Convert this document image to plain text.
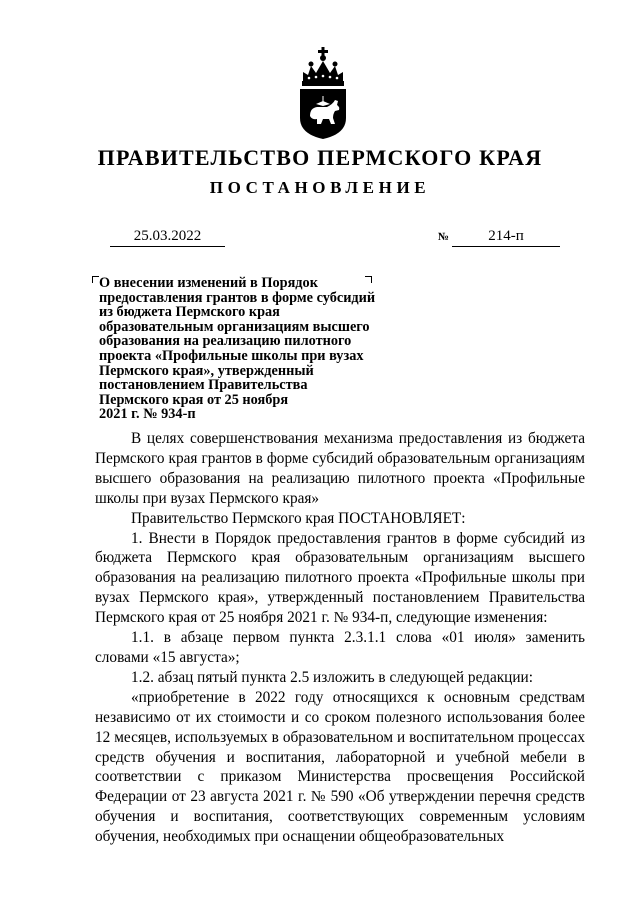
ПРАВИТЕЛЬСТВО ПЕРМСКОГО КРАЯ
ПОСТАНОВЛЕНИЕ
25.03.2022	№	214-п
О внесении изменений в Порядок
предоставления грантов в форме субсидий
из бюджета Пермского края
образовательным организациям высшего
образования на реализацию пилотного
проекта «Профильные школы при вузах
Пермского края», утвержденный
постановлением Правительства
Пермского края от 25 ноября
2021 г. № 934-п

В целях совершенствования механизма предоставления из бюджета Пермского края грантов в форме субсидий образовательным организациям высшего образования на реализацию пилотного проекта «Профильные школы при вузах Пермского края»

Правительство Пермского края ПОСТАНОВЛЯЕТ:

1. Внести в Порядок предоставления грантов в форме субсидий из бюджета Пермского края образовательным организациям высшего образования на реализацию пилотного проекта «Профильные школы при вузах Пермского края», утвержденный постановлением Правительства Пермского края от 25 ноября 2021 г. № 934-п, следующие изменения:

1.1. в абзаце первом пункта 2.3.1.1 слова «01 июля» заменить словами «15 августа»;

1.2. абзац пятый пункта 2.5 изложить в следующей редакции:

«приобретение в 2022 году относящихся к основным средствам независимо от их стоимости и со сроком полезного использования более 12 месяцев, используемых в образовательном и воспитательном процессах средств обучения и воспитания, лабораторной и учебной мебели в соответствии с приказом Министерства просвещения Российской Федерации от 23 августа 2021 г. № 590 «Об утверждении перечня средств обучения и воспитания, соответствующих современным условиям обучения, необходимых при оснащении общеобразовательных
